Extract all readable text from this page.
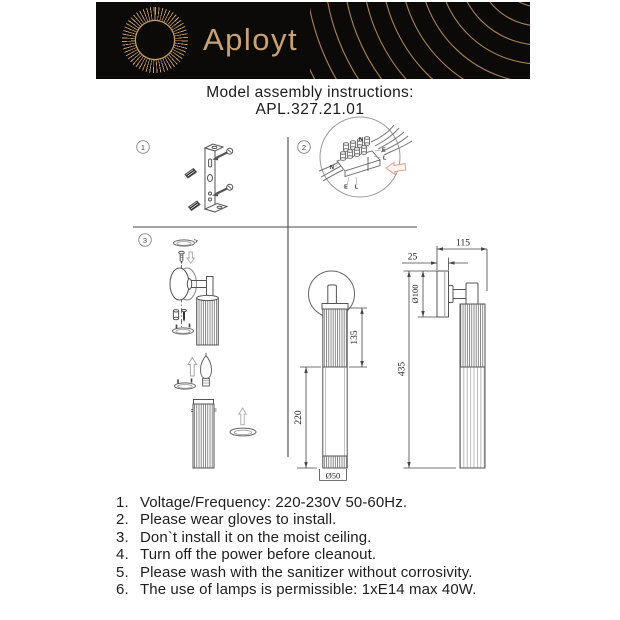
Aployt
Model assembly instructions:
APL.327.21.01
1	2
N
E
L
N
E L
3
135
220
Ø50
435
Ø100
115
25
1. Voltage/Frequency: 220-230V 50-60Hz.
2. Please wear gloves to install.
3. Don`t install it on the moist ceiling.
4. Turn off the power before cleanout.
5. Please wash with the sanitizer without corrosivity.
6. The use of lamps is permissible: 1xE14 max 40W.
